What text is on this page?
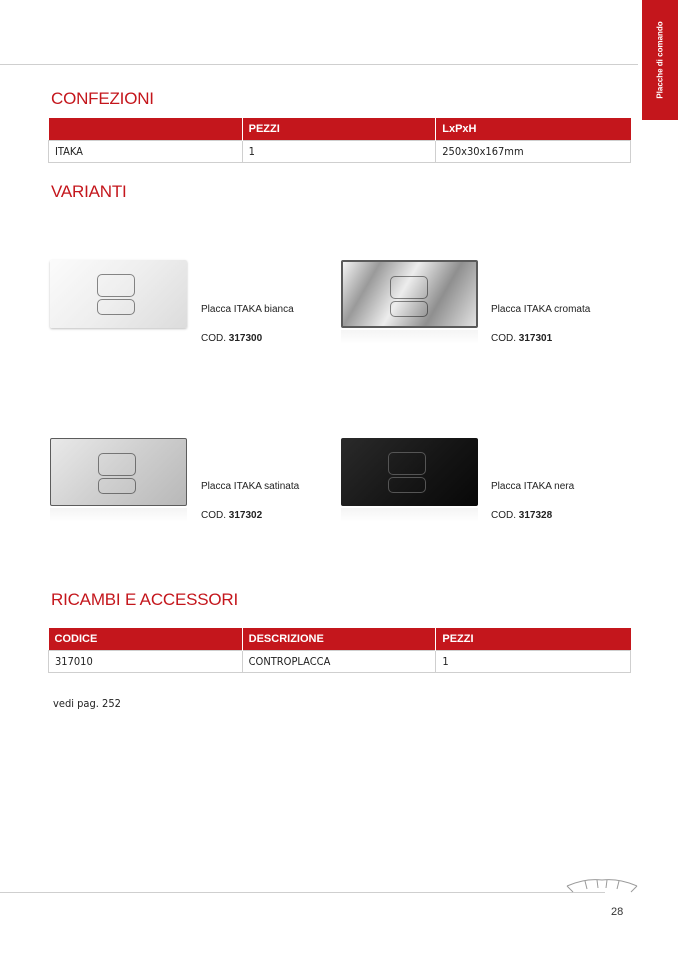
Placche di comando
CONFEZIONI
	PEZZI	LxPxH
ITAKA	1	250x30x167mm
VARIANTI
Placca ITAKA bianca
COD. 317300
Placca ITAKA cromata
COD. 317301
Placca ITAKA satinata
COD. 317302
Placca ITAKA nera
COD. 317328
RICAMBI E ACCESSORI
CODICE	DESCRIZIONE	PEZZI
317010	CONTROPLACCA	1
vedi pag. 252
28
